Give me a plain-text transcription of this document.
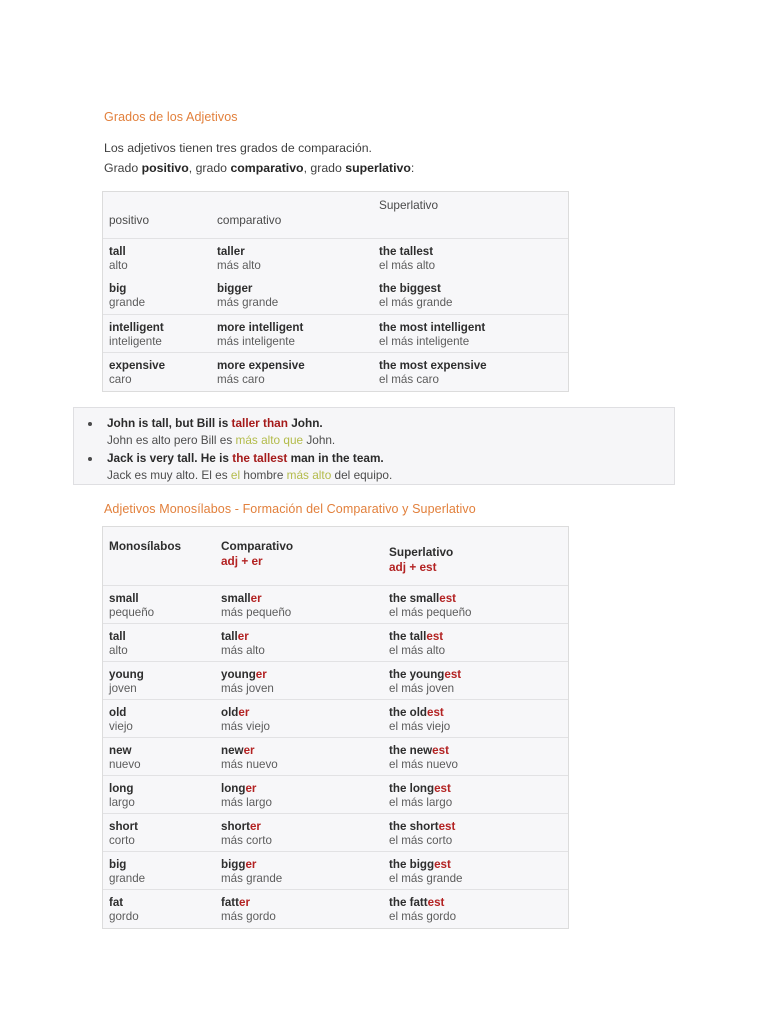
Grados de los Adjetivos
Los adjetivos tienen tres grados de comparación.
Grado positivo, grado comparativo, grado superlativo:
positivo	comparativo
Superlativo
tall
alto
taller
más alto
the tallest
el más alto
big
grande
bigger
más grande
the biggest
el más grande
intelligent
inteligente
more intelligent
más inteligente
the most intelligent
el más inteligente
expensive
caro
more expensive
más caro
the most expensive
el más caro
John is tall, but Bill is taller than John.
John es alto pero Bill es más alto que John.
Jack is very tall. He is the tallest man in the team.
Jack es muy alto. El es el hombre más alto del equipo.
Adjetivos Monosílabos - Formación del Comparativo y Superlativo
Monosílabos	Comparativo
adj + er
Superlativo
adj + est
small
pequeño
smaller
más pequeño
the smallest
el más pequeño
tall
alto
taller
más alto
the tallest
el más alto
young
joven
younger
más joven
the youngest
el más joven
old
viejo
older
más viejo
the oldest
el más viejo
new
nuevo
newer
más nuevo
the newest
el más nuevo
long
largo
longer
más largo
the longest
el más largo
short
corto
shorter
más corto
the shortest
el más corto
big
grande
bigger
más grande
the biggest
el más grande
fat
gordo
fatter
más gordo
the fattest
el más gordo
